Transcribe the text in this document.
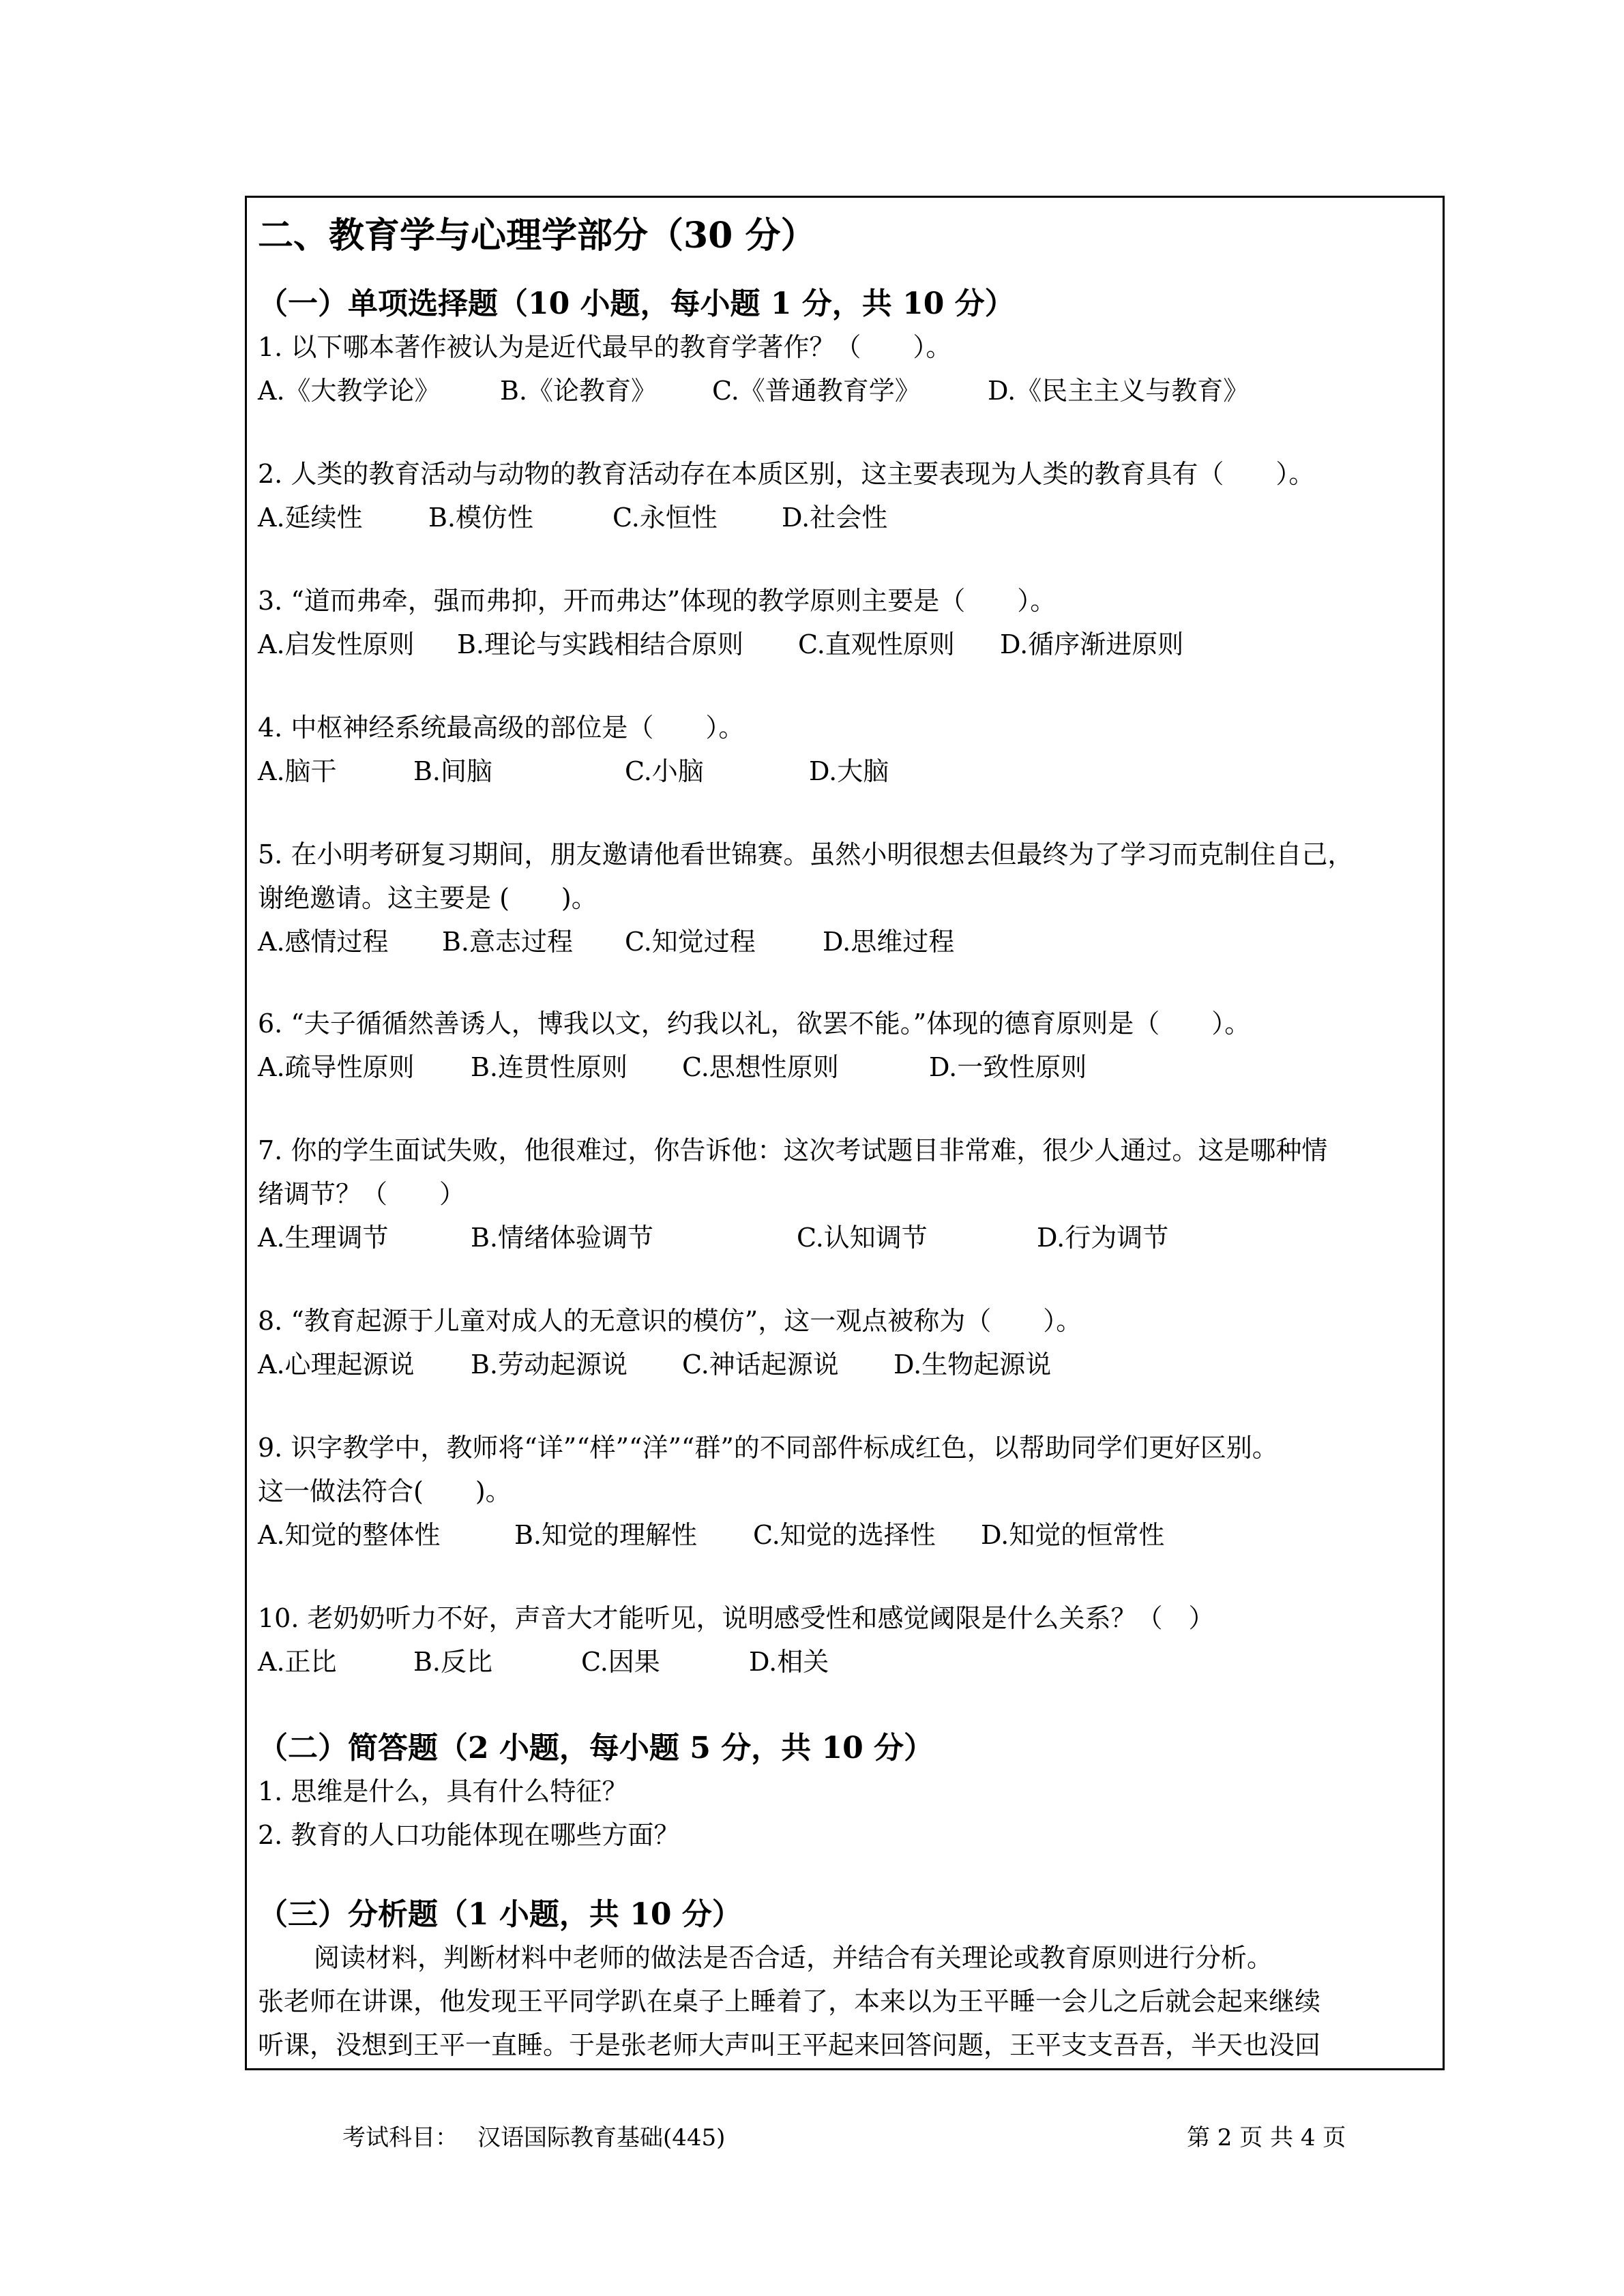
二、教育学与心理学部分（30 分）
（一）单项选择题（10 小题，每小题 1 分，共 10 分）
1. 以下哪本著作被认为是近代最早的教育学著作？（　　）。
A.《大教学论》 B.《论教育》 C.《普通教育学》	D.《民主主义与教育》
2. 人类的教育活动与动物的教育活动存在本质区别，这主要表现为人类的教育具有（　　）。
A.延续性	B.模仿性	C.永恒性 D.社会性
3. “道而弗牵，强而弗抑，开而弗达”体现的教学原则主要是（　　）。
A.启发性原则 B.理论与实践相结合原则 C.直观性原则 D.循序渐进原则
4. 中枢神经系统最高级的部位是（　　）。
A.脑干	B.间脑	C.小脑	D.大脑
5. 在小明考研复习期间，朋友邀请他看世锦赛。虽然小明很想去但最终为了学习而克制住自己，
谢绝邀请。这主要是 (　　)。
A.感情过程 B.意志过程 C.知觉过程	D.思维过程
6. “夫子循循然善诱人，博我以文，约我以礼，欲罢不能。”体现的德育原则是（　　）。
A.疏导性原则 B.连贯性原则 C.思想性原则	D.一致性原则
7. 你的学生面试失败，他很难过，你告诉他：这次考试题目非常难，很少人通过。这是哪种情
绪调节？（　　）
A.生理调节	B.情绪体验调节	C.认知调节	D.行为调节
8. “教育起源于儿童对成人的无意识的模仿”，这一观点被称为（　　）。
A.心理起源说 B.劳动起源说 C.神话起源说 D.生物起源说
9. 识字教学中，教师将“详”“样”“洋”“群”的不同部件标成红色，以帮助同学们更好区别。
这一做法符合(　　)。
A.知觉的整体性	B.知觉的理解性 C.知觉的选择性 D.知觉的恒常性
10. 老奶奶听力不好，声音大才能听见，说明感受性和感觉阈限是什么关系？（　）
A.正比	B.反比	C.因果	D.相关
（二）简答题（2 小题，每小题 5 分，共 10 分）
1. 思维是什么，具有什么特征？
2. 教育的人口功能体现在哪些方面？
（三）分析题（1 小题，共 10 分）
阅读材料，判断材料中老师的做法是否合适，并结合有关理论或教育原则进行分析。
张老师在讲课，他发现王平同学趴在桌子上睡着了，本来以为王平睡一会儿之后就会起来继续
听课，没想到王平一直睡。于是张老师大声叫王平起来回答问题，王平支支吾吾，半天也没回
考试科目： 汉语国际教育基础(445)	第 2 页 共 4 页
